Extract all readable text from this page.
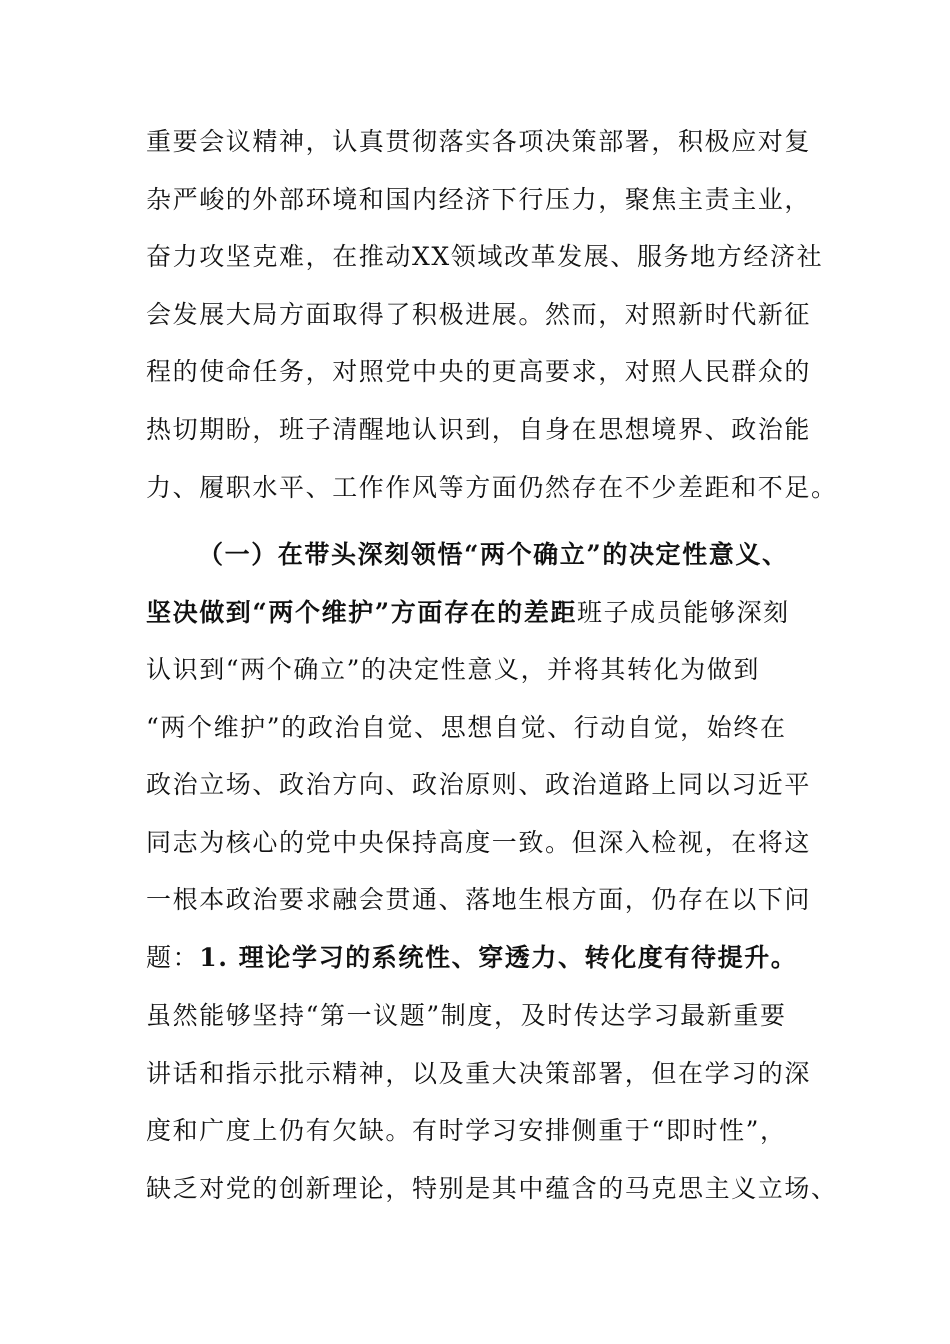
重要会议精神，认真贯彻落实各项决策部署，积极应对复
杂严峻的外部环境和国内经济下行压力，聚焦主责主业，
奋力攻坚克难，在推动XX领域改革发展、服务地方经济社
会发展大局方面取得了积极进展。然而，对照新时代新征
程的使命任务，对照党中央的更高要求，对照人民群众的
热切期盼，班子清醒地认识到，自身在思想境界、政治能
力、履职水平、工作作风等方面仍然存在不少差距和不足。
（一）在带头深刻领悟“两个确立”的决定性意义、
坚决做到“两个维护”方面存在的差距班子成员能够深刻
认识到“两个确立”的决定性意义，并将其转化为做到
“两个维护”的政治自觉、思想自觉、行动自觉，始终在
政治立场、政治方向、政治原则、政治道路上同以习近平
同志为核心的党中央保持高度一致。但深入检视，在将这
一根本政治要求融会贯通、落地生根方面，仍存在以下问
题：1. 理论学习的系统性、穿透力、转化度有待提升。
虽然能够坚持“第一议题”制度，及时传达学习最新重要
讲话和指示批示精神，以及重大决策部署，但在学习的深
度和广度上仍有欠缺。有时学习安排侧重于“即时性”，
缺乏对党的创新理论，特别是其中蕴含的马克思主义立场、
